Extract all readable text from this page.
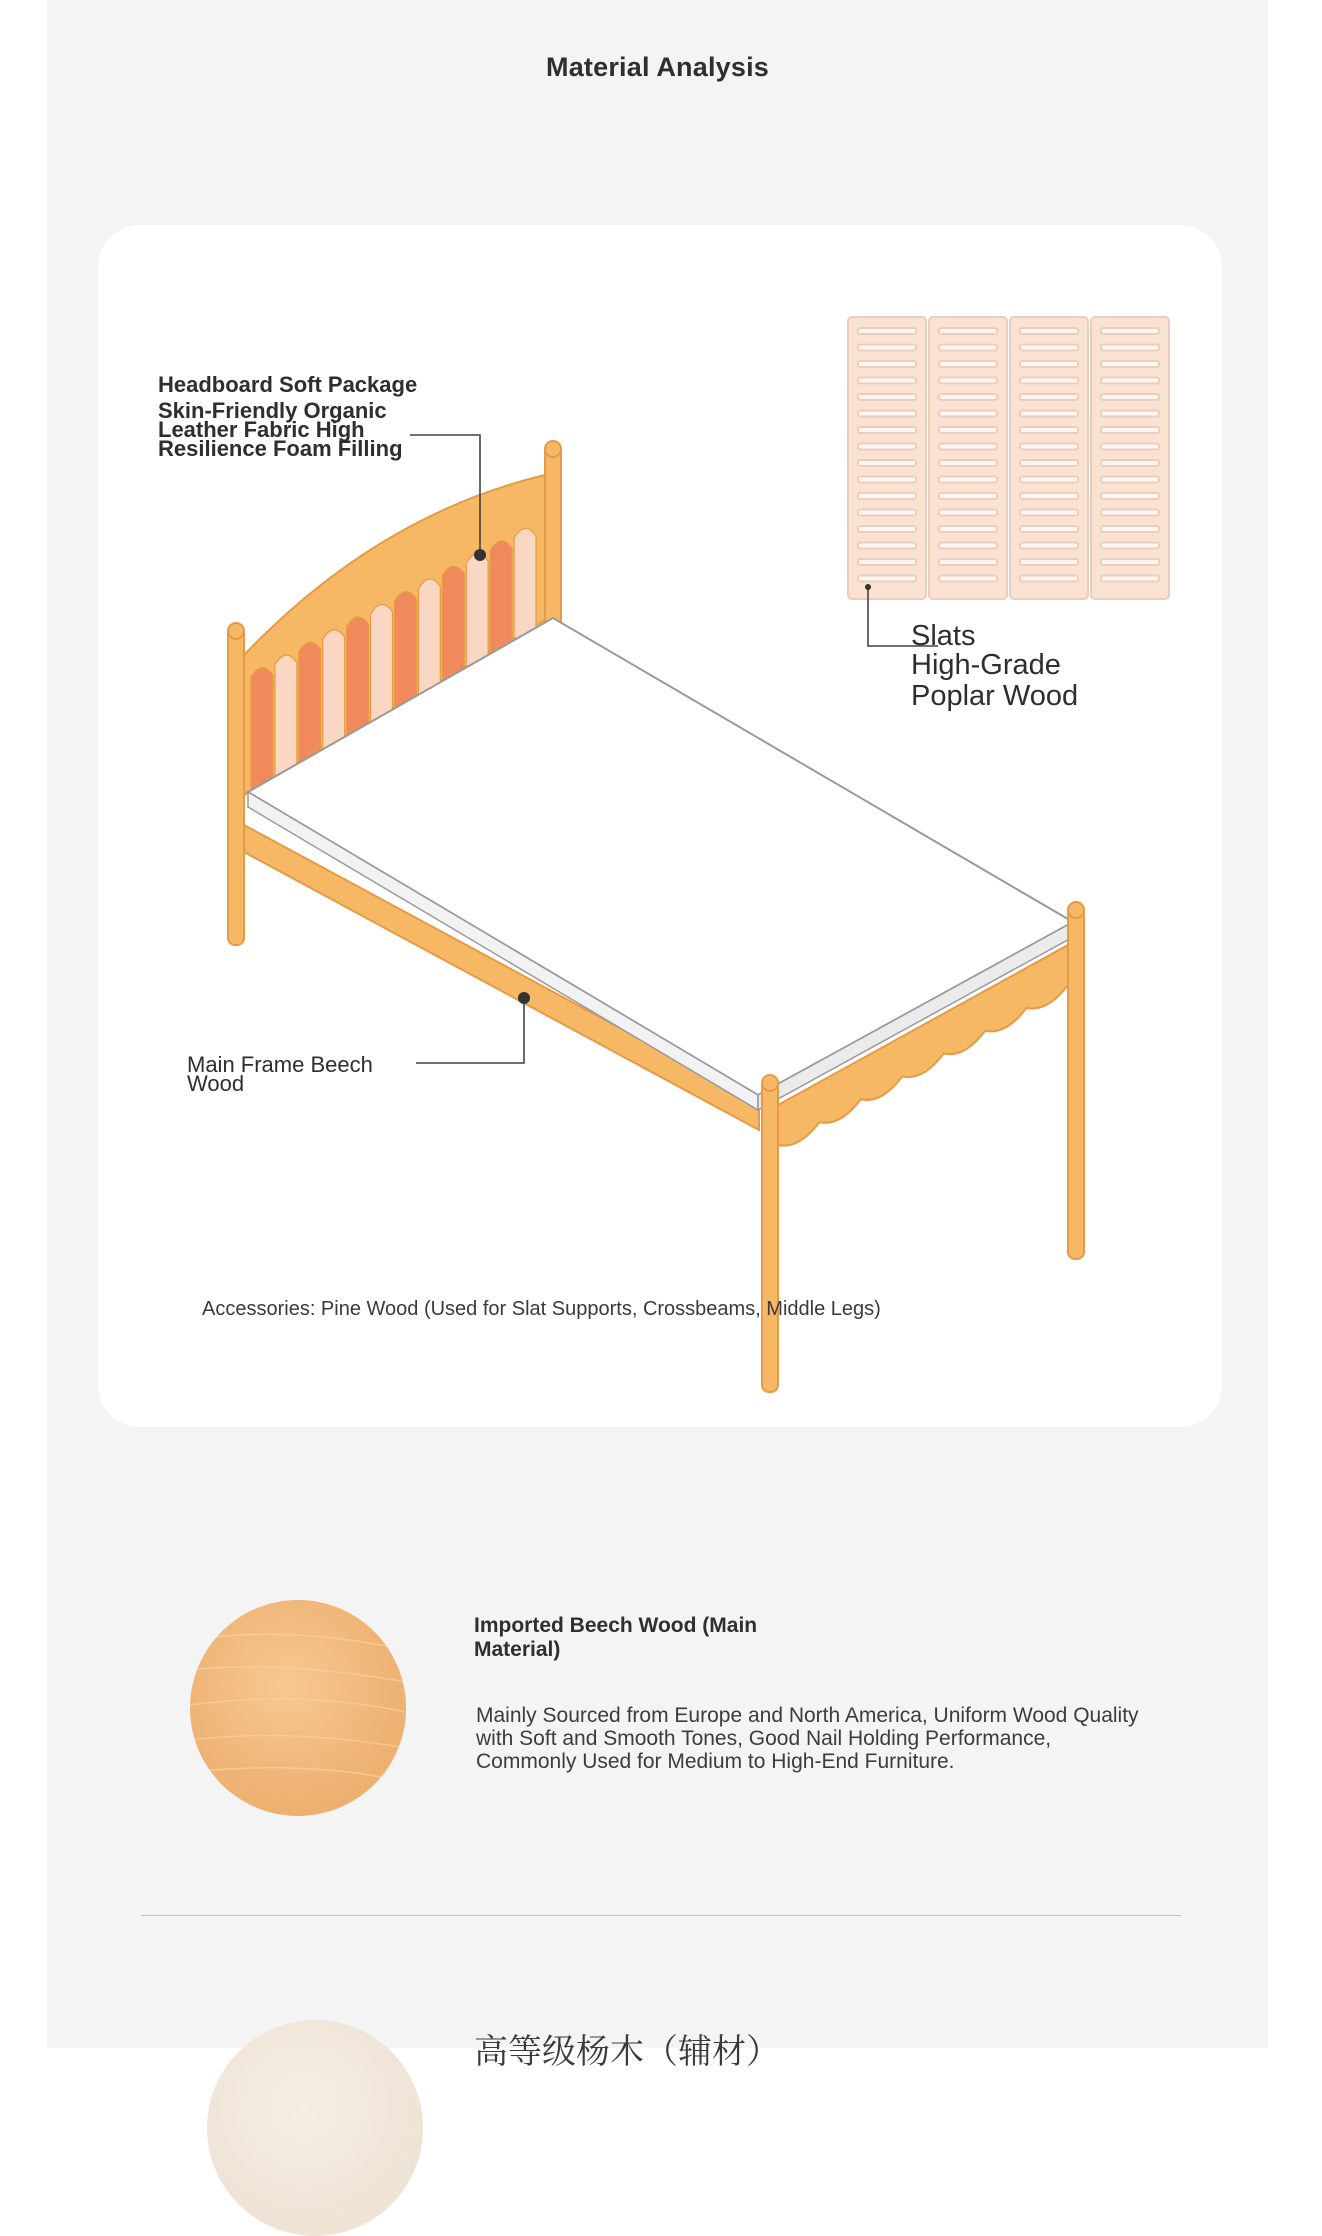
Material Analysis
Headboard Soft Package
Skin-Friendly Organic Leather Fabric High Resilience Foam Filling
Slats
High-Grade Poplar Wood
Main Frame Beech Wood
Accessories: Pine Wood (Used for Slat Supports, Crossbeams, Middle Legs)
Imported Beech Wood (Main Material)
Mainly Sourced from Europe and North America, Uniform Wood Quality with Soft and Smooth Tones, Good Nail Holding Performance, Commonly Used for Medium to High-End Furniture.
高等级杨木（辅材）
